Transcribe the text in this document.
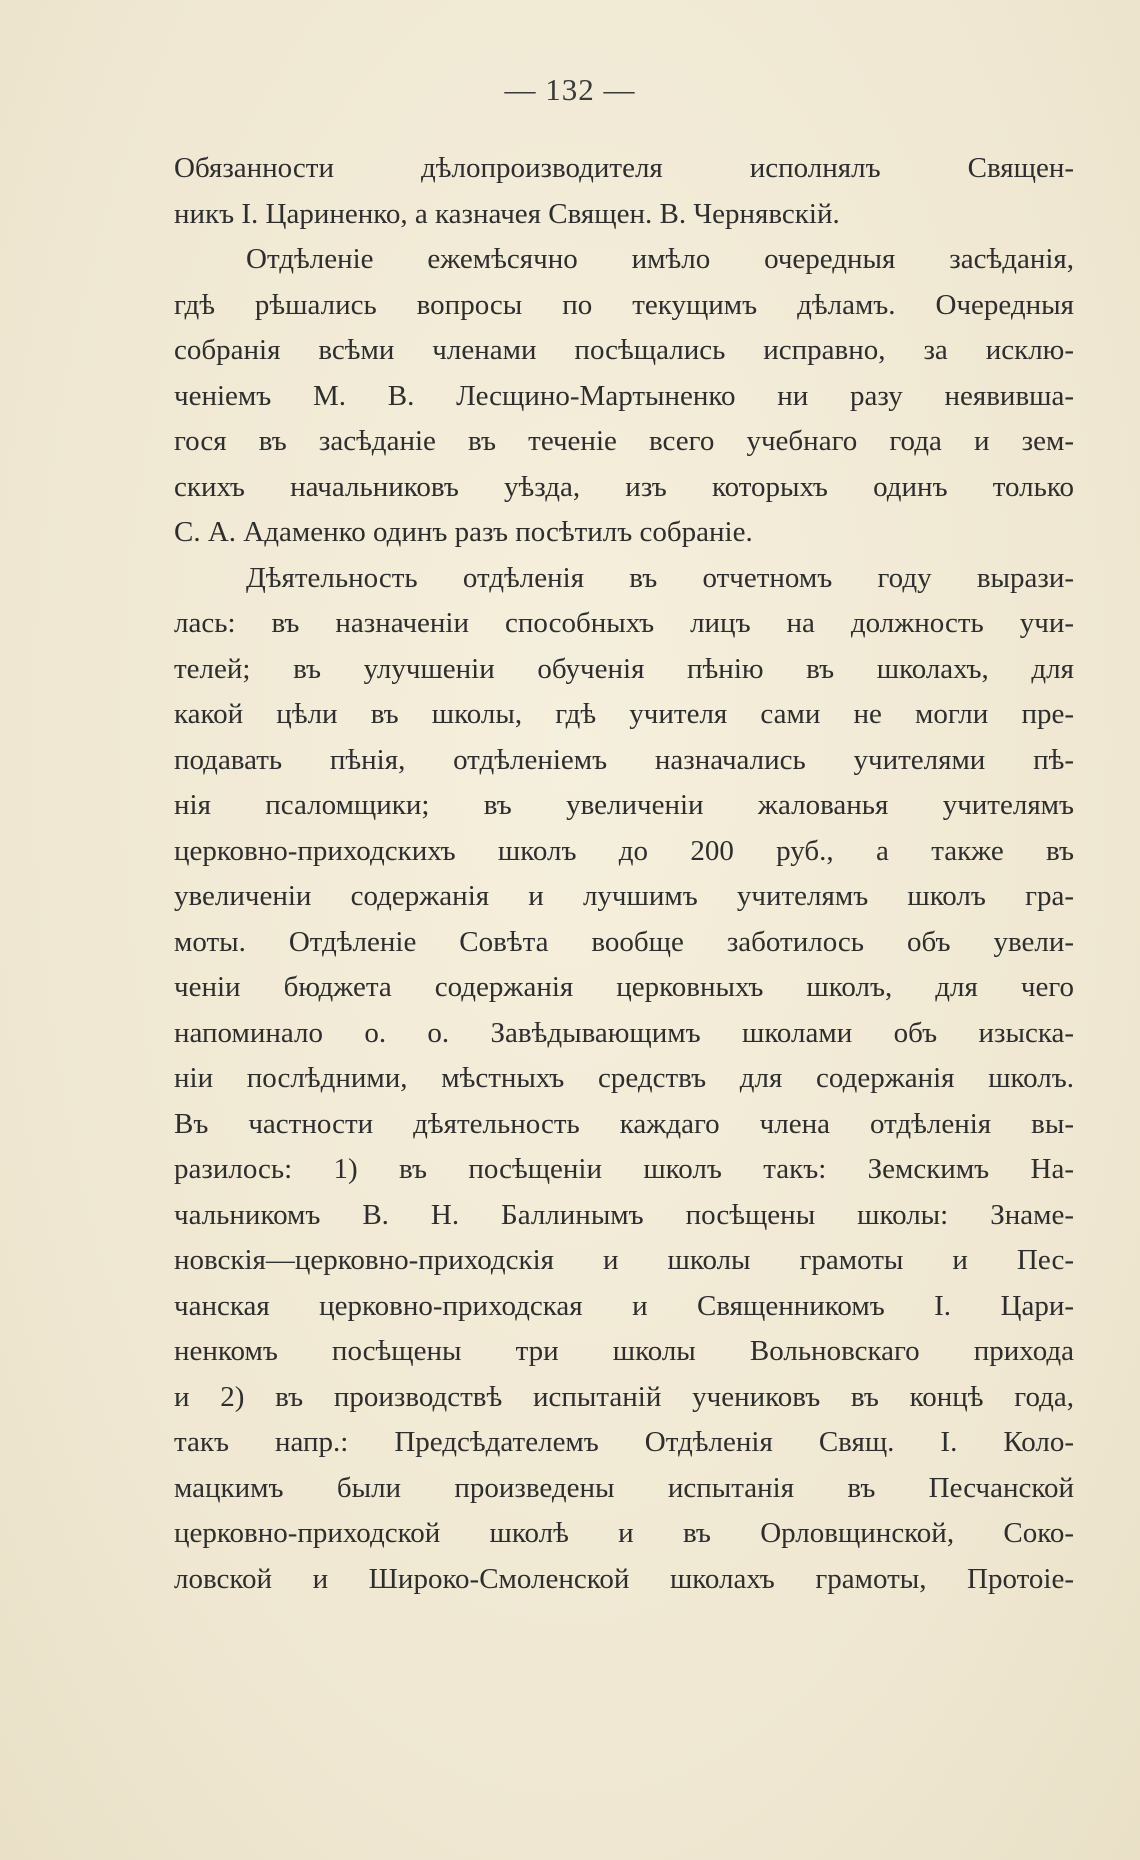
— 132 —
Обязанности дѣлопроизводителя исполнялъ Священ-
никъ I. Цариненко, а казначея Священ. В. Чернявскій.
Отдѣленіе ежемѣсячно имѣло очередныя засѣданія,
гдѣ рѣшались вопросы по текущимъ дѣламъ. Очередныя
собранія всѣми членами посѣщались исправно, за исклю-
ченіемъ М. В. Лесщино-Мартыненко ни разу неявивша-
гося въ засѣданіе въ теченіе всего учебнаго года и зем-
скихъ начальниковъ уѣзда, изъ которыхъ одинъ только
С. А. Адаменко одинъ разъ посѣтилъ собраніе.
Дѣятельность отдѣленія въ отчетномъ году вырази-
лась: въ назначеніи способныхъ лицъ на должность учи-
телей; въ улучшеніи обученія пѣнію въ школахъ, для
какой цѣли въ школы, гдѣ учителя сами не могли пре-
подавать пѣнія, отдѣленіемъ назначались учителями пѣ-
нія псаломщики; въ увеличеніи жалованья учителямъ
церковно-приходскихъ школъ до 200 руб., а также въ
увеличеніи содержанія и лучшимъ учителямъ школъ гра-
моты. Отдѣленіе Совѣта вообще заботилось объ увели-
ченіи бюджета содержанія церковныхъ школъ, для чего
напоминало о. о. Завѣдывающимъ школами объ изыска-
ніи послѣдними, мѣстныхъ средствъ для содержанія школъ.
Въ частности дѣятельность каждаго члена отдѣленія вы-
разилось: 1) въ посѣщеніи школъ такъ: Земскимъ На-
чальникомъ В. Н. Баллинымъ посѣщены школы: Знаме-
новскія—церковно-приходскія и школы грамоты и Пес-
чанская церковно-приходская и Священникомъ I. Цари-
ненкомъ посѣщены три школы Вольновскаго прихода
и 2) въ производствѣ испытаній учениковъ въ концѣ года,
такъ напр.: Предсѣдателемъ Отдѣленія Свящ. I. Коло-
мацкимъ были произведены испытанія въ Песчанской
церковно-приходской школѣ и въ Орловщинской, Соко-
ловской и Широко-Смоленской школахъ грамоты, Протоіе-
